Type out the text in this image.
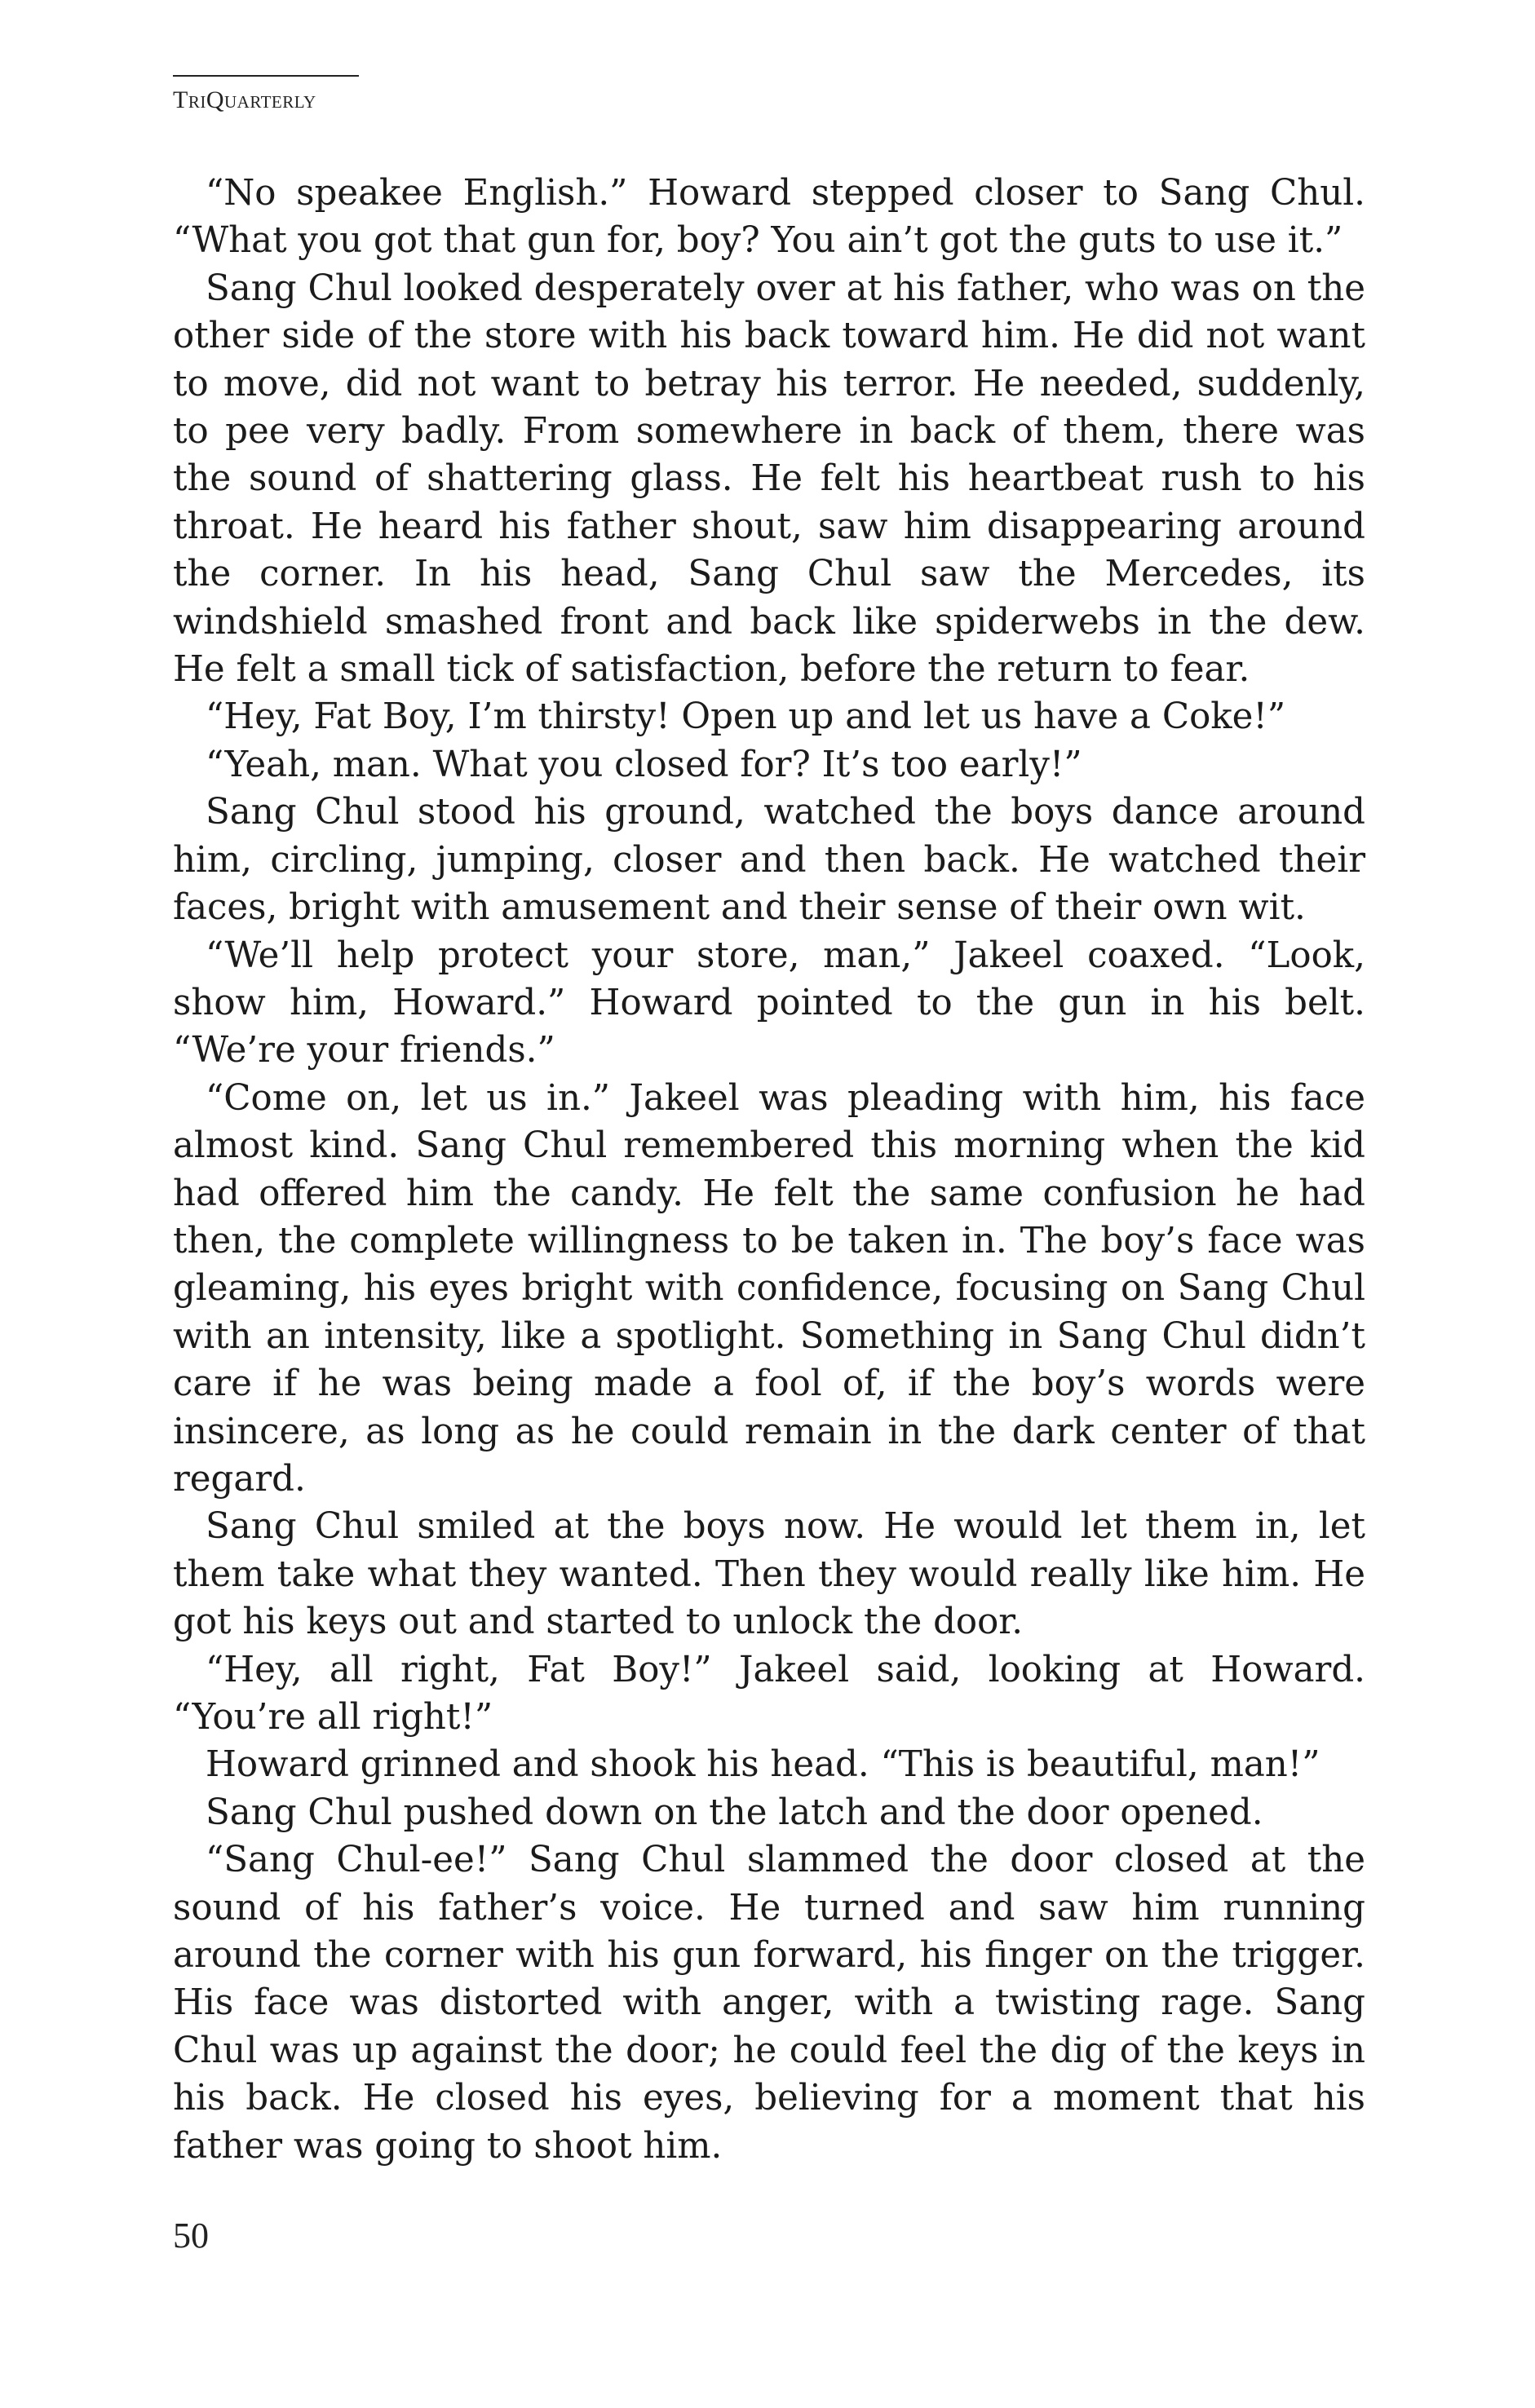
TriQuarterly

“No speakee English.” Howard stepped closer to Sang Chul. “What you got that gun for, boy? You ain’t got the guts to use it.”

Sang Chul looked desperately over at his father, who was on the other side of the store with his back toward him. He did not want to move, did not want to betray his terror. He needed, suddenly, to pee very badly. From somewhere in back of them, there was the sound of shattering glass. He felt his heartbeat rush to his throat. He heard his father shout, saw him disappearing around the corner. In his head, Sang Chul saw the Mercedes, its windshield smashed front and back like spiderwebs in the dew. He felt a small tick of satisfaction, before the return to fear.

“Hey, Fat Boy, I’m thirsty! Open up and let us have a Coke!”

“Yeah, man. What you closed for? It’s too early!”

Sang Chul stood his ground, watched the boys dance around him, circling, jumping, closer and then back. He watched their faces, bright with amusement and their sense of their own wit.

“We’ll help protect your store, man,” Jakeel coaxed. “Look, show him, Howard.” Howard pointed to the gun in his belt. “We’re your friends.”

“Come on, let us in.” Jakeel was pleading with him, his face almost kind. Sang Chul remembered this morning when the kid had offered him the candy. He felt the same confusion he had then, the complete willingness to be taken in. The boy’s face was gleaming, his eyes bright with confidence, focusing on Sang Chul with an intensity, like a spotlight. Something in Sang Chul didn’t care if he was being made a fool of, if the boy’s words were insincere, as long as he could remain in the dark center of that regard.

Sang Chul smiled at the boys now. He would let them in, let them take what they wanted. Then they would really like him. He got his keys out and started to unlock the door.

“Hey, all right, Fat Boy!” Jakeel said, looking at Howard. “You’re all right!”

Howard grinned and shook his head. “This is beautiful, man!”

Sang Chul pushed down on the latch and the door opened.

“Sang Chul-ee!” Sang Chul slammed the door closed at the sound of his father’s voice. He turned and saw him running around the corner with his gun forward, his finger on the trigger. His face was distorted with anger, with a twisting rage. Sang Chul was up against the door; he could feel the dig of the keys in his back. He closed his eyes, believing for a moment that his father was going to shoot him.

50
